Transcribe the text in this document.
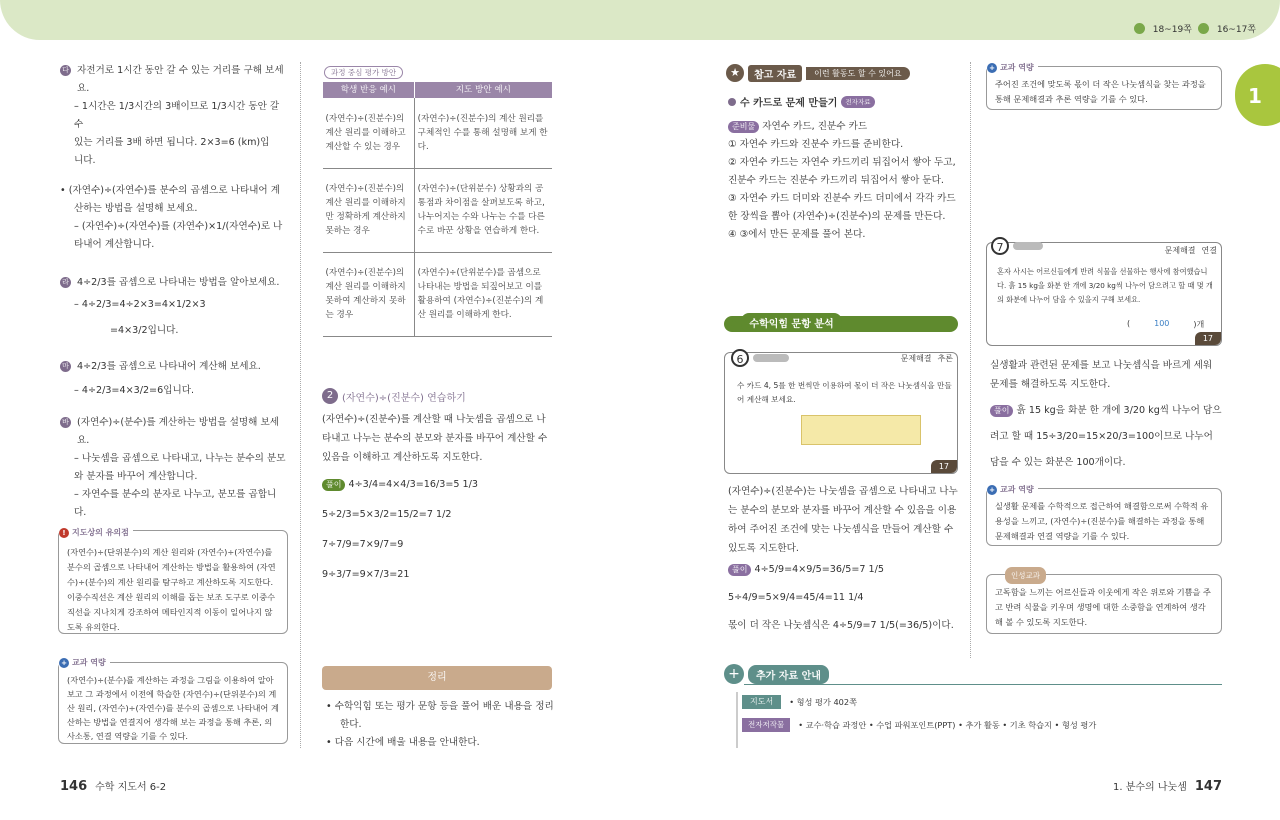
18~19쪽	16~17쪽
1
다 자전거로 1시간 동안 갈 수 있는 거리를 구해 보세요.
– 1시간은 1/3시간의 3배이므로 1/3시간 동안 갈 수
있는 거리를 3배 하면 됩니다. 2×3=6 (km)입
니다.
• (자연수)÷(자연수)를 분수의 곱셈으로 나타내어 계
산하는 방법을 설명해 보세요.
– (자연수)÷(자연수)를 (자연수)×1/(자연수)로 나
타내어 계산합니다.
라 4÷2/3를 곱셈으로 나타내는 방법을 알아보세요.
– 4÷2/3=4÷2×3=4×1/2×3
=4×3/2입니다.
마 4÷2/3를 곱셈으로 나타내어 계산해 보세요.
– 4÷2/3=4×3/2=6입니다.
바 (자연수)÷(분수)를 계산하는 방법을 설명해 보세요.
– 나눗셈을 곱셈으로 나타내고, 나누는 분수의 분모
와 분자를 바꾸어 계산합니다.
– 자연수를 분수의 분자로 나누고, 분모를 곱합니다.
! 지도상의 유의점
(자연수)÷(단위분수)의 계산 원리와 (자연수)÷(자연수)를 분수의 곱셈으로 나타내어 계산하는 방법을 활용하여 (자연수)÷(분수)의 계산 원리를 탐구하고 계산하도록 지도한다. 이중수직선은 계산 원리의 이해를 돕는 보조 도구로 이중수직선을 지나치게 강조하여 메타인지적 이동이 일어나지 않도록 유의한다.
+ 교과 역량
(자연수)÷(분수)를 계산하는 과정을 그림을 이용하여 알아보고 그 과정에서 이전에 학습한 (자연수)÷(단위분수)의 계산 원리, (자연수)÷(자연수)를 분수의 곱셈으로 나타내어 계산하는 방법을 연결지어 생각해 보는 과정을 통해 추론, 의사소통, 연결 역량을 기를 수 있다.
과정 중심 평가 방안
학생 반응 예시	지도 방안 예시
(자연수)÷(진분수)의 계산 원리를 이해하고 계산할 수 있는 경우	(자연수)÷(진분수)의 계산 원리를 구체적인 수를 통해 설명해 보게 한다.
(자연수)÷(진분수)의 계산 원리를 이해하지만 정확하게 계산하지 못하는 경우	(자연수)÷(단위분수) 상황과의 공통점과 차이점을 살펴보도록 하고, 나누어지는 수와 나누는 수를 다른 수로 바꾼 상황을 연습하게 한다.
(자연수)÷(진분수)의 계산 원리를 이해하지 못하여 계산하지 못하는 경우	(자연수)÷(단위분수)를 곱셈으로 나타내는 방법을 되짚어보고 이를 활용하여 (자연수)÷(진분수)의 계산 원리를 이해하게 한다.
2 (자연수)÷(진분수) 연습하기
(자연수)÷(진분수)를 계산할 때 나눗셈을 곱셈으로 나타내고 나누는 분수의 분모와 분자를 바꾸어 계산할 수 있음을 이해하고 계산하도록 지도한다.
풀이 4÷3/4=4×4/3=16/3=5 1/3
5÷2/3=5×3/2=15/2=7 1/2
7÷7/9=7×9/7=9
9÷3/7=9×7/3=21
정리
• 수학익힘 또는 평가 문항 등을 풀어 배운 내용을 정리
한다.
• 다음 시간에 배울 내용을 안내한다.
★	참고 자료	이런 활동도 할 수 있어요
수 카드로 문제 만들기	전자자료
준비물 자연수 카드, 진분수 카드
① 자연수 카드와 진분수 카드를 준비한다.
② 자연수 카드는 자연수 카드끼리 뒤집어서 쌓아 두고, 진분수 카드는 진분수 카드끼리 뒤집어서 쌓아 둔다.
③ 자연수 카드 더미와 진분수 카드 더미에서 각각 카드 한 장씩을 뽑아 (자연수)÷(진분수)의 문제를 만든다.
④ ③에서 만든 문제를 풀어 본다.
➜	수학익힘 문항 분석
6	문제해결 추론
수 카드 4, 5를 한 번씩만 이용하여 몫이 더 작은 나눗셈식을 만들어 계산해 보세요.
17
(자연수)÷(진분수)는 나눗셈을 곱셈으로 나타내고 나누는 분수의 분모와 분자를 바꾸어 계산할 수 있음을 이용하여 주어진 조건에 맞는 나눗셈식을 만들어 계산할 수 있도록 지도한다.
풀이 4÷5/9=4×9/5=36/5=7 1/5
5÷4/9=5×9/4=45/4=11 1/4
몫이 더 작은 나눗셈식은 4÷5/9=7 1/5(=36/5)이다.
+ 교과 역량
주어진 조건에 맞도록 몫이 더 작은 나눗셈식을 찾는 과정을 통해 문제해결과 추론 역량을 기를 수 있다.
7	문제해결 연결
혼자 사시는 어르신들에게 반려 식물을 선물하는 행사에 참여했습니다. 흙 15 kg을 화분 한 개에 3/20 kg씩 나누어 담으려고 할 때 몇 개의 화분에 나누어 담을 수 있을지 구해 보세요.
(	100	)개
17
실생활과 관련된 문제를 보고 나눗셈식을 바르게 세워 문제를 해결하도록 지도한다.
풀이 흙 15 kg을 화분 한 개에 3/20 kg씩 나누어 담으려고 할 때 15÷3/20=15×20/3=100이므로 나누어 담을 수 있는 화분은 100개이다.
+ 교과 역량
실생활 문제를 수학적으로 접근하여 해결함으로써 수학적 유용성을 느끼고, (자연수)÷(진분수)를 해결하는 과정을 통해 문제해결과 연결 역량을 기를 수 있다.
인성교과
고독함을 느끼는 어르신들과 이웃에게 작은 위로와 기쁨을 주고 반려 식물을 키우며 생명에 대한 소중함을 연계하여 생각해 볼 수 있도록 지도한다.
+	추가 자료 안내
지도서	• 형성 평가 402쪽
전자저작물	• 교수·학습 과정안 • 수업 파워포인트(PPT) • 추가 활동 • 기초 학습지 • 형성 평가
146 수학 지도서 6-2	1. 분수의 나눗셈 147
